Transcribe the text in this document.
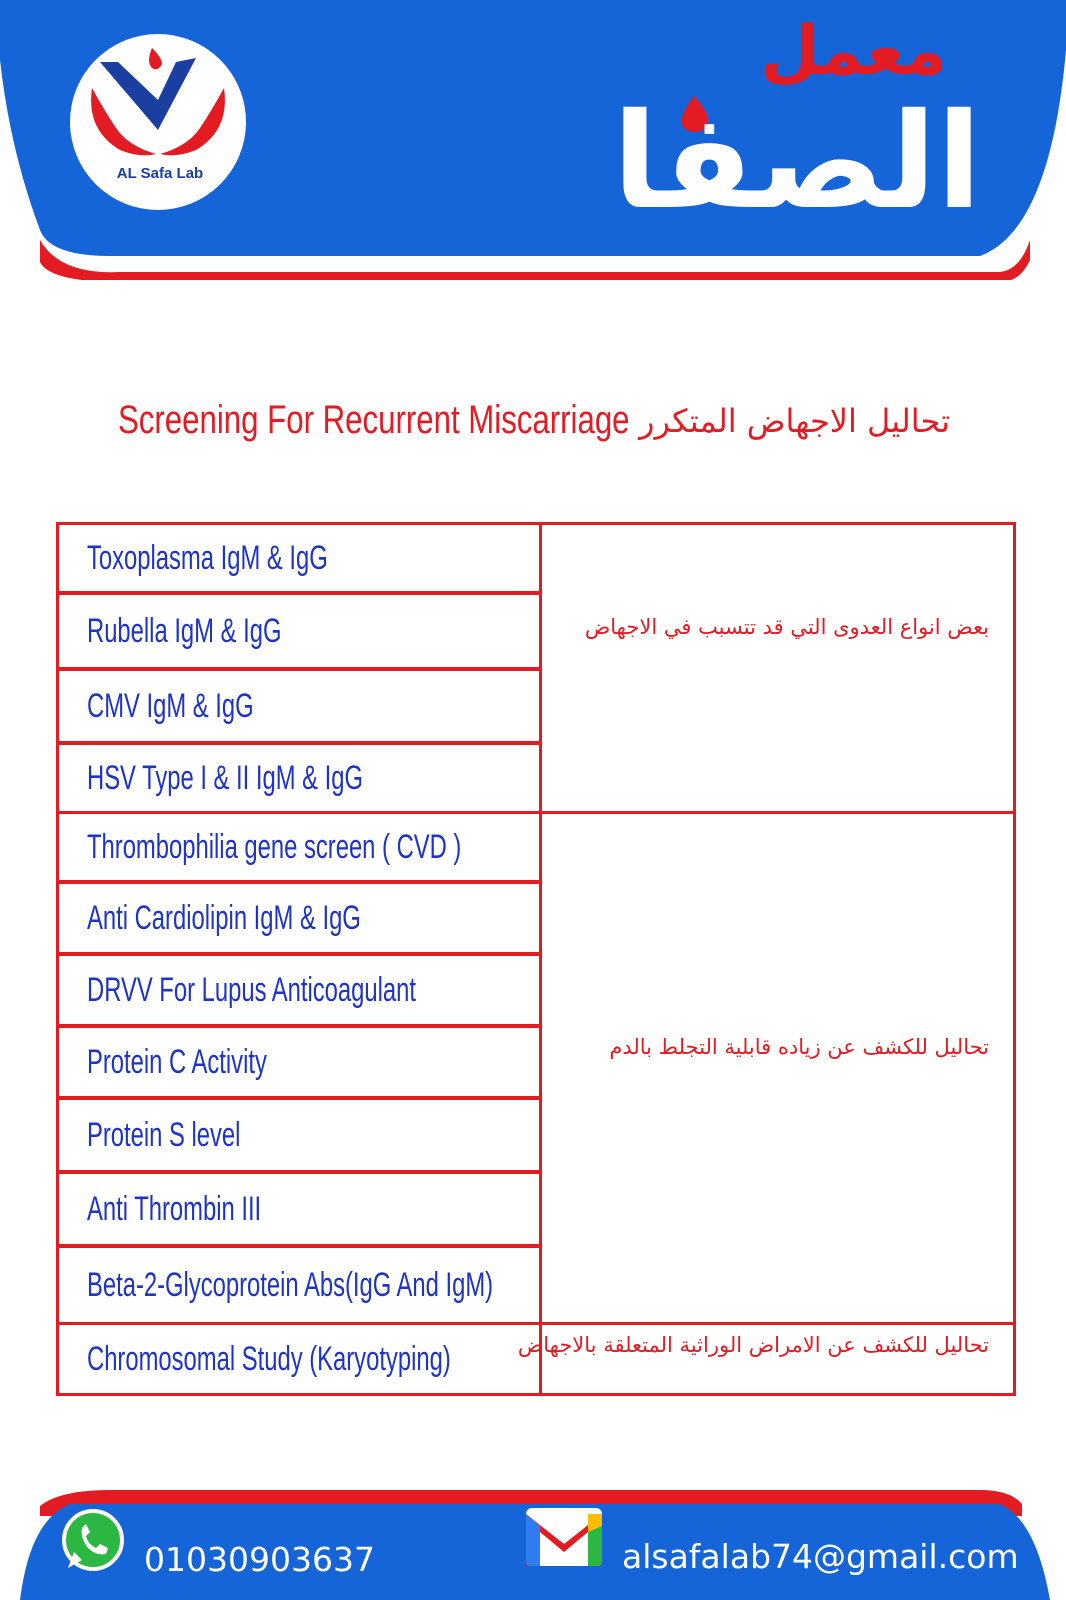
AL Safa Lab
معمل
الصفا
Screening For Recurrent Miscarriage تحاليل الاجهاض المتكرر
Toxoplasma IgM & IgG
Rubella IgM & IgG
CMV IgM & IgG
HSV Type I & II IgM & IgG
Thrombophilia gene screen ( CVD )
Anti Cardiolipin IgM & IgG
DRVV For Lupus Anticoagulant
Protein C Activity
Protein S level
Anti Thrombin III
Beta-2-Glycoprotein Abs(IgG And IgM)
Chromosomal Study (Karyotyping)
بعض انواع العدوى التي قد تتسبب في الاجهاض
تحاليل للكشف عن زياده قابلية التجلط بالدم
تحاليل للكشف عن الامراض الوراثية المتعلقة بالاجهاض
01030903637	alsafalab74@gmail.com
